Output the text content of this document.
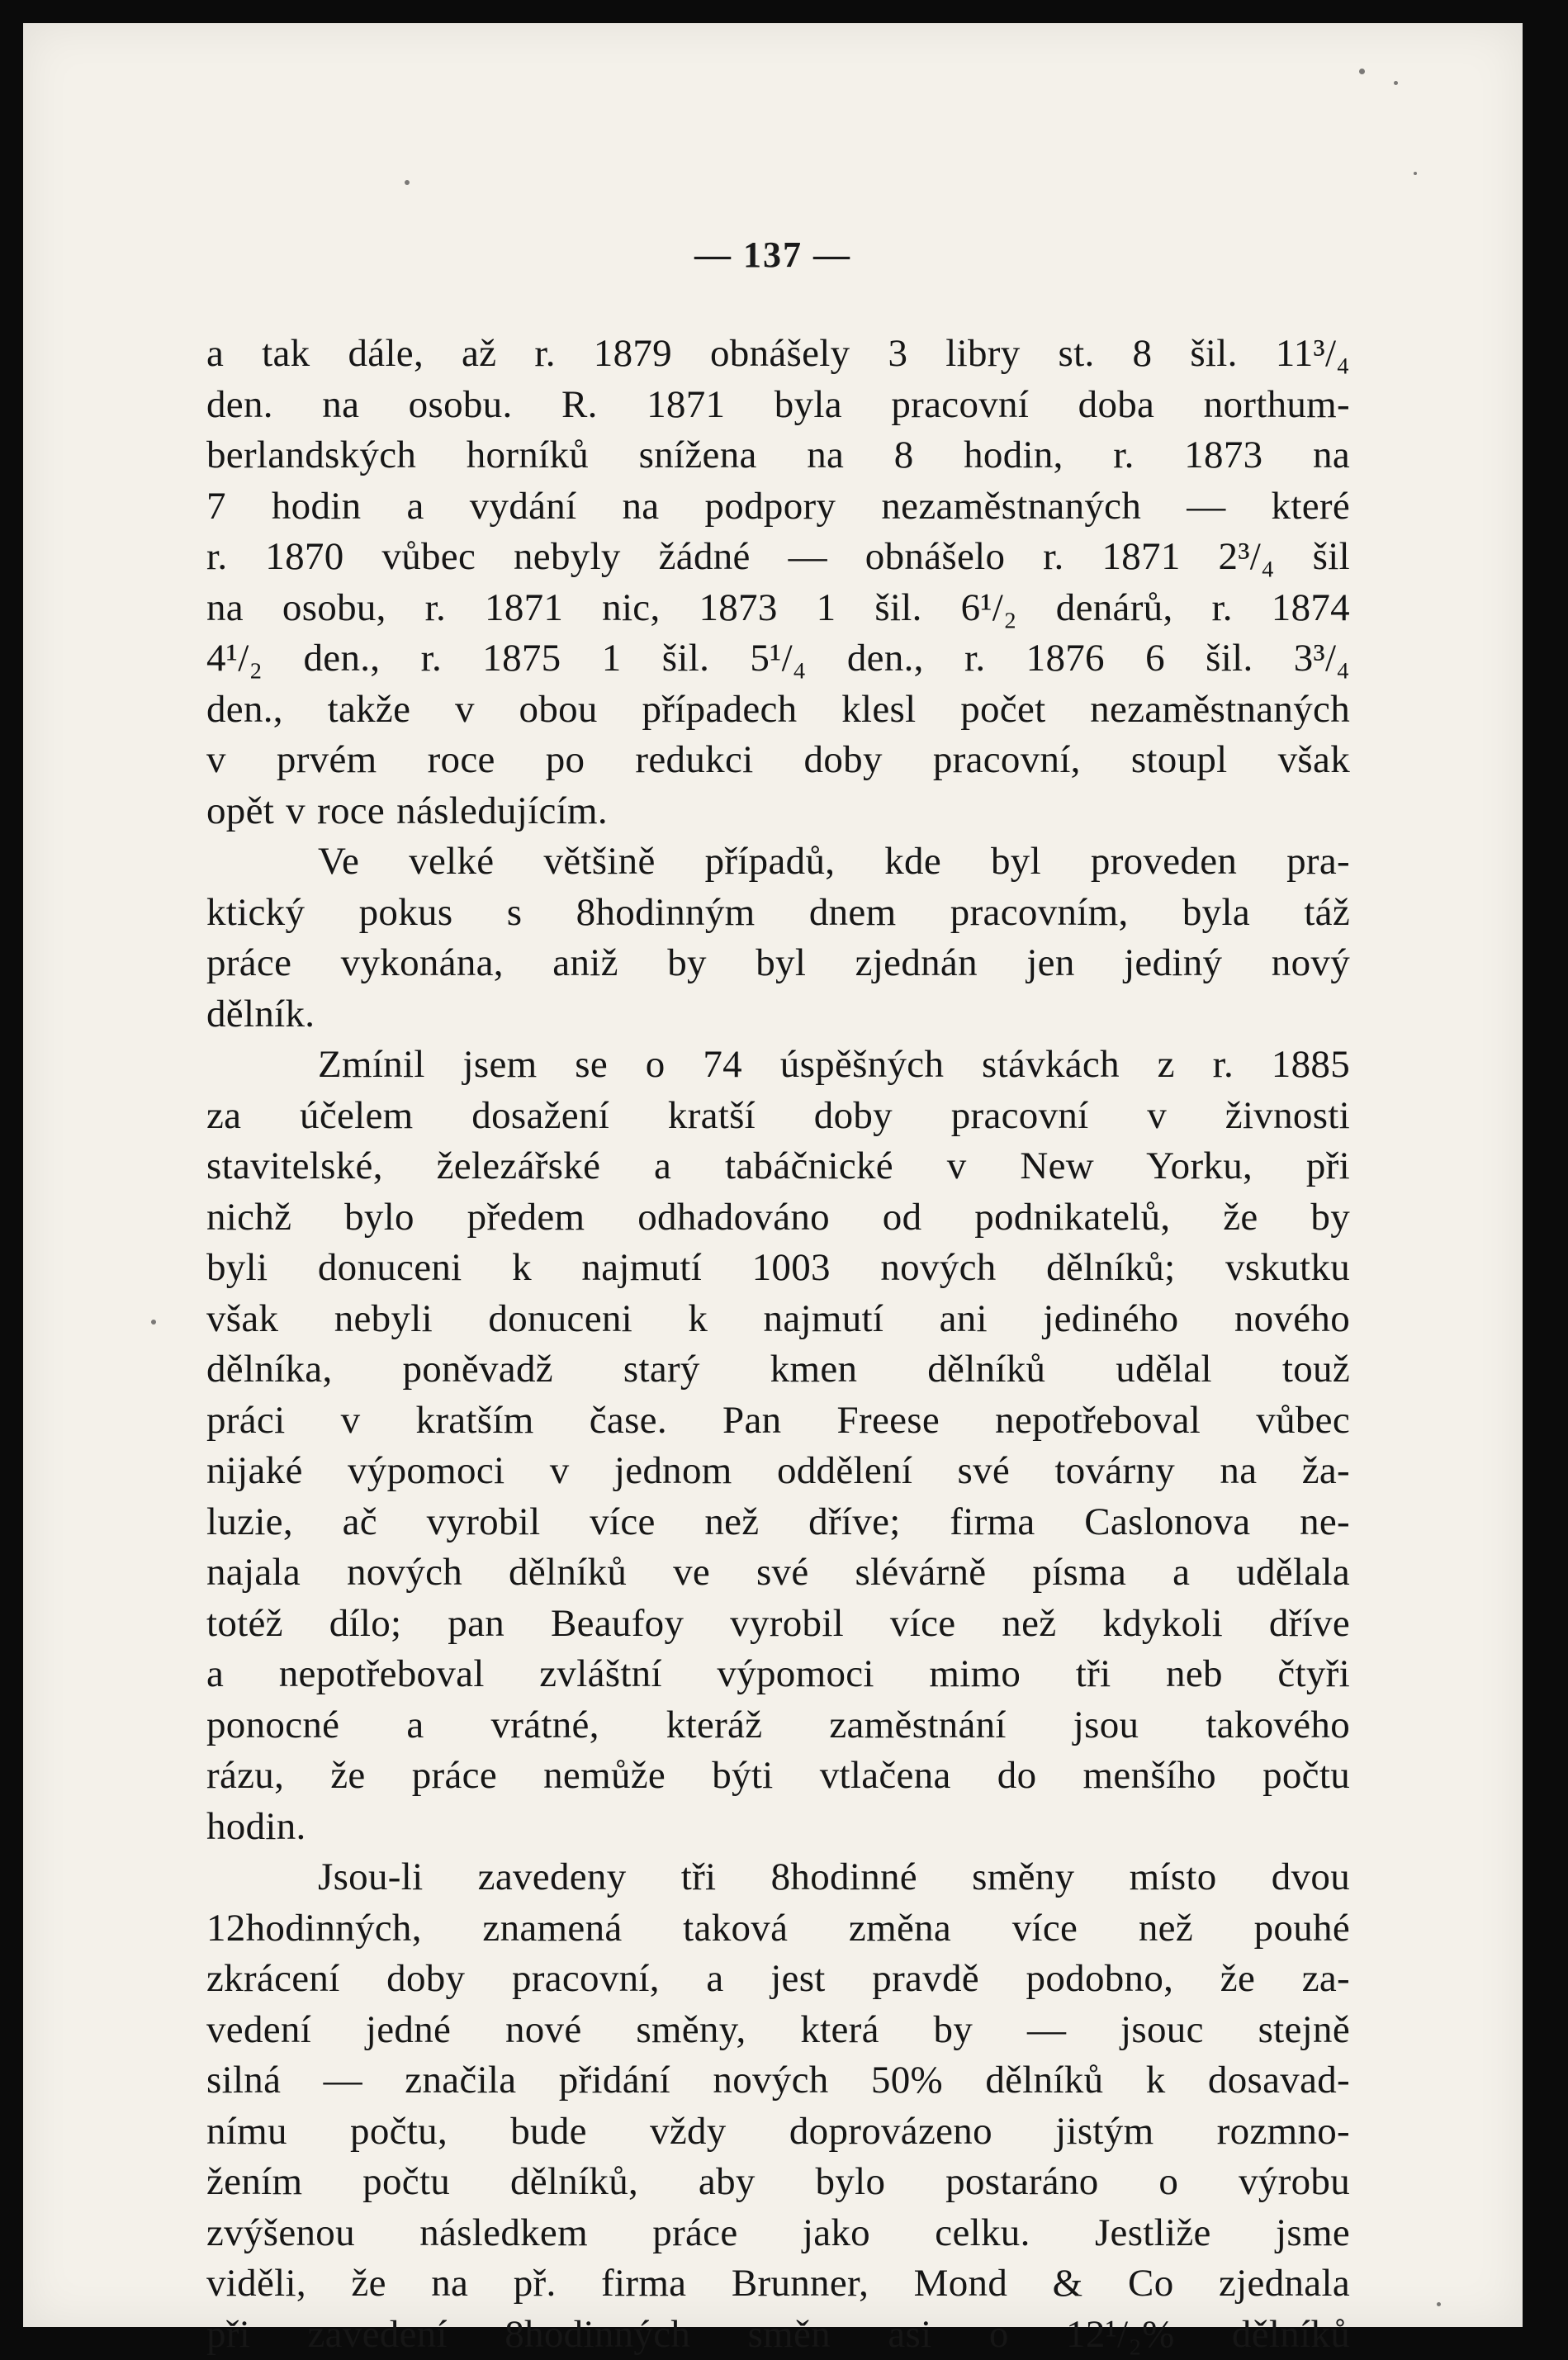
— 137 —
a tak dále, až r. 1879 obnášely 3 libry st. 8 šil. 11³/₄
den. na osobu. R. 1871 byla pracovní doba northum-
berlandských horníků snížena na 8 hodin, r. 1873 na
7 hodin a vydání na podpory nezaměstnaných — které
r. 1870 vůbec nebyly žádné — obnášelo r. 1871 2³/₄ šil
na osobu, r. 1871 nic, 1873 1 šil. 6¹/₂ denárů, r. 1874
4¹/₂ den., r. 1875 1 šil. 5¹/₄ den., r. 1876 6 šil. 3³/₄
den., takže v obou případech klesl počet nezaměstnaných
v prvém roce po redukci doby pracovní, stoupl však
opět v roce následujícím.
Ve velké většině případů, kde byl proveden pra-
ktický pokus s 8hodinným dnem pracovním, byla táž
práce vykonána, aniž by byl zjednán jen jediný nový
dělník.
Zmínil jsem se o 74 úspěšných stávkách z r. 1885
za účelem dosažení kratší doby pracovní v živnosti
stavitelské, železářské a tabáčnické v New Yorku, při
nichž bylo předem odhadováno od podnikatelů, že by
byli donuceni k najmutí 1003 nových dělníků; vskutku
však nebyli donuceni k najmutí ani jediného nového
dělníka, poněvadž starý kmen dělníků udělal touž
práci v kratším čase. Pan Freese nepotřeboval vůbec
nijaké výpomoci v jednom oddělení své továrny na ža-
luzie, ač vyrobil více než dříve; firma Caslonova ne-
najala nových dělníků ve své slévárně písma a udělala
totéž dílo; pan Beaufoy vyrobil více než kdykoli dříve
a nepotřeboval zvláštní výpomoci mimo tři neb čtyři
ponocné a vrátné, kteráž zaměstnání jsou takového
rázu, že práce nemůže býti vtlačena do menšího počtu
hodin.
Jsou-li zavedeny tři 8hodinné směny místo dvou
12hodinných, znamená taková změna více než pouhé
zkrácení doby pracovní, a jest pravdě podobno, že za-
vedení jedné nové směny, která by — jsouc stejně
silná — značila přidání nových 50% dělníků k dosavad-
nímu počtu, bude vždy doprovázeno jistým rozmno-
žením počtu dělníků, aby bylo postaráno o výrobu
zvýšenou následkem práce jako celku. Jestliže jsme
viděli, že na př. firma Brunner, Mond & Co zjednala
při zavedení 8hodinných směn asi o 12¹/₂% dělníků
